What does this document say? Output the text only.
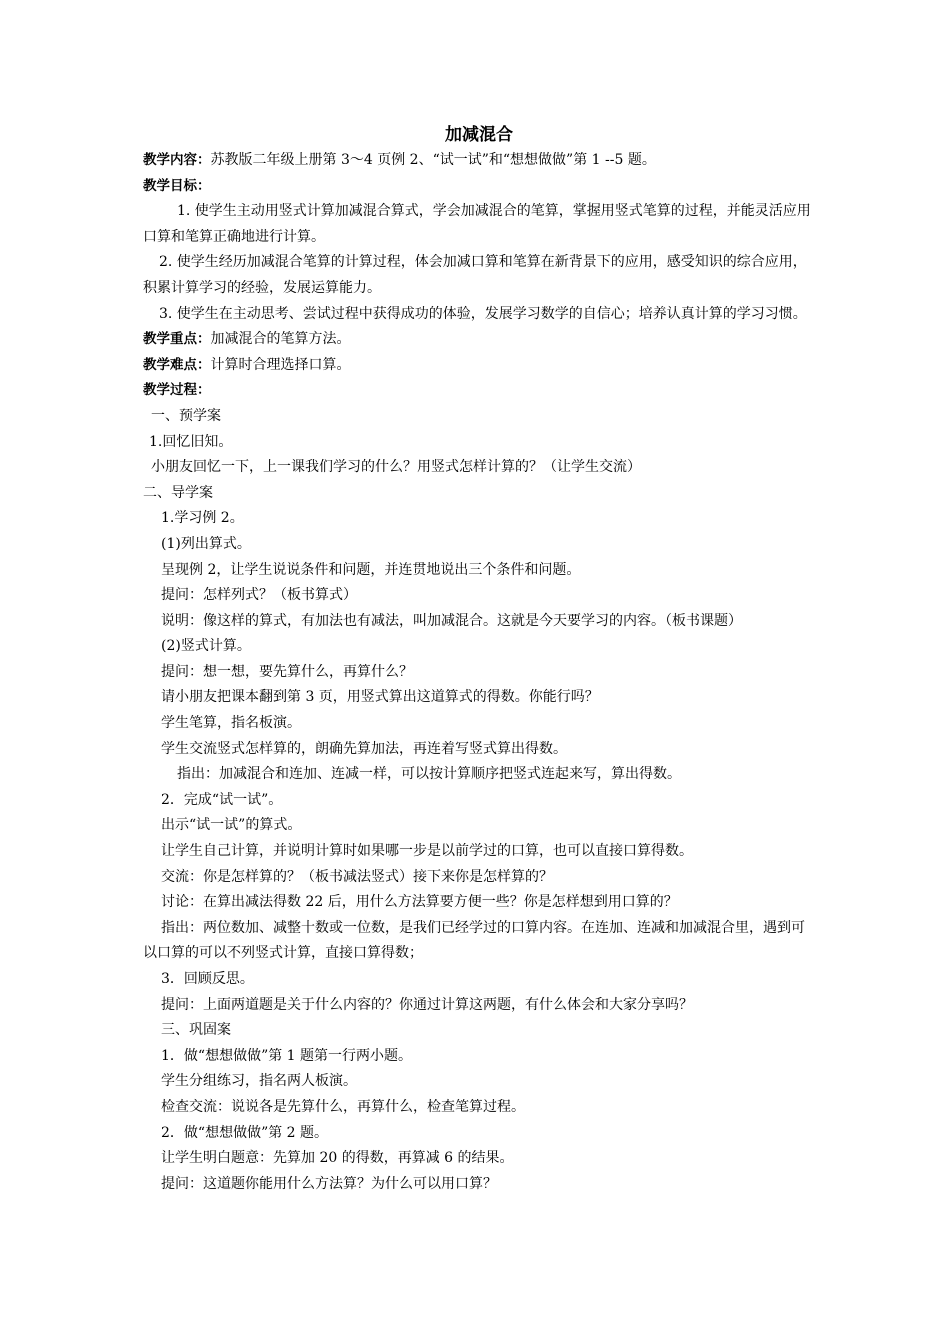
加减混合

教学内容：苏教版二年级上册第 3～4 页例 2、“试一试”和“想想做做”第 1 --5 题。

教学目标：

1. 使学生主动用竖式计算加减混合算式，学会加减混合的笔算，掌握用竖式笔算的过程，并能灵活应用口算和笔算正确地进行计算。

2. 使学生经历加减混合笔算的计算过程，体会加减口算和笔算在新背景下的应用，感受知识的综合应用，积累计算学习的经验，发展运算能力。

3. 使学生在主动思考、尝试过程中获得成功的体验，发展学习数学的自信心；培养认真计算的学习习惯。

教学重点：加减混合的笔算方法。

教学难点：计算时合理选择口算。

教学过程：

一、预学案

1.回忆旧知。

小朋友回忆一下，上一课我们学习的什么？用竖式怎样计算的？（让学生交流）

二、导学案

1.学习例 2。

(1)列出算式。

呈现例 2，让学生说说条件和问题，并连贯地说出三个条件和问题。

提问：怎样列式？（板书算式）

说明：像这样的算式，有加法也有减法，叫加减混合。这就是今天要学习的内容。（板书课题）

(2)竖式计算。

提问：想一想，要先算什么，再算什么？

请小朋友把课本翻到第 3 页，用竖式算出这道算式的得数。你能行吗？

学生笔算，指名板演。

学生交流竖式怎样算的，朗确先算加法，再连着写竖式算出得数。

指出：加减混合和连加、连减一样，可以按计算顺序把竖式连起来写，算出得数。

2．完成“试一试”。

出示“试一试”的算式。

让学生自己计算，并说明计算时如果哪一步是以前学过的口算，也可以直接口算得数。

交流：你是怎样算的？（板书减法竖式）接下来你是怎样算的？

讨论：在算出减法得数 22 后，用什么方法算要方便一些？你是怎样想到用口算的？

指出：两位数加、减整十数或一位数，是我们已经学过的口算内容。在连加、连减和加减混合里，遇到可以口算的可以不列竖式计算，直接口算得数；

3．回顾反思。

提问：上面两道题是关于什么内容的？你通过计算这两题，有什么体会和大家分享吗？

三、巩固案

1．做“想想做做”第 1 题第一行两小题。

学生分组练习，指名两人板演。

检查交流：说说各是先算什么，再算什么，检查笔算过程。

2．做“想想做做”第 2 题。

让学生明白题意：先算加 20 的得数，再算减 6 的结果。

提问：这道题你能用什么方法算？为什么可以用口算？
